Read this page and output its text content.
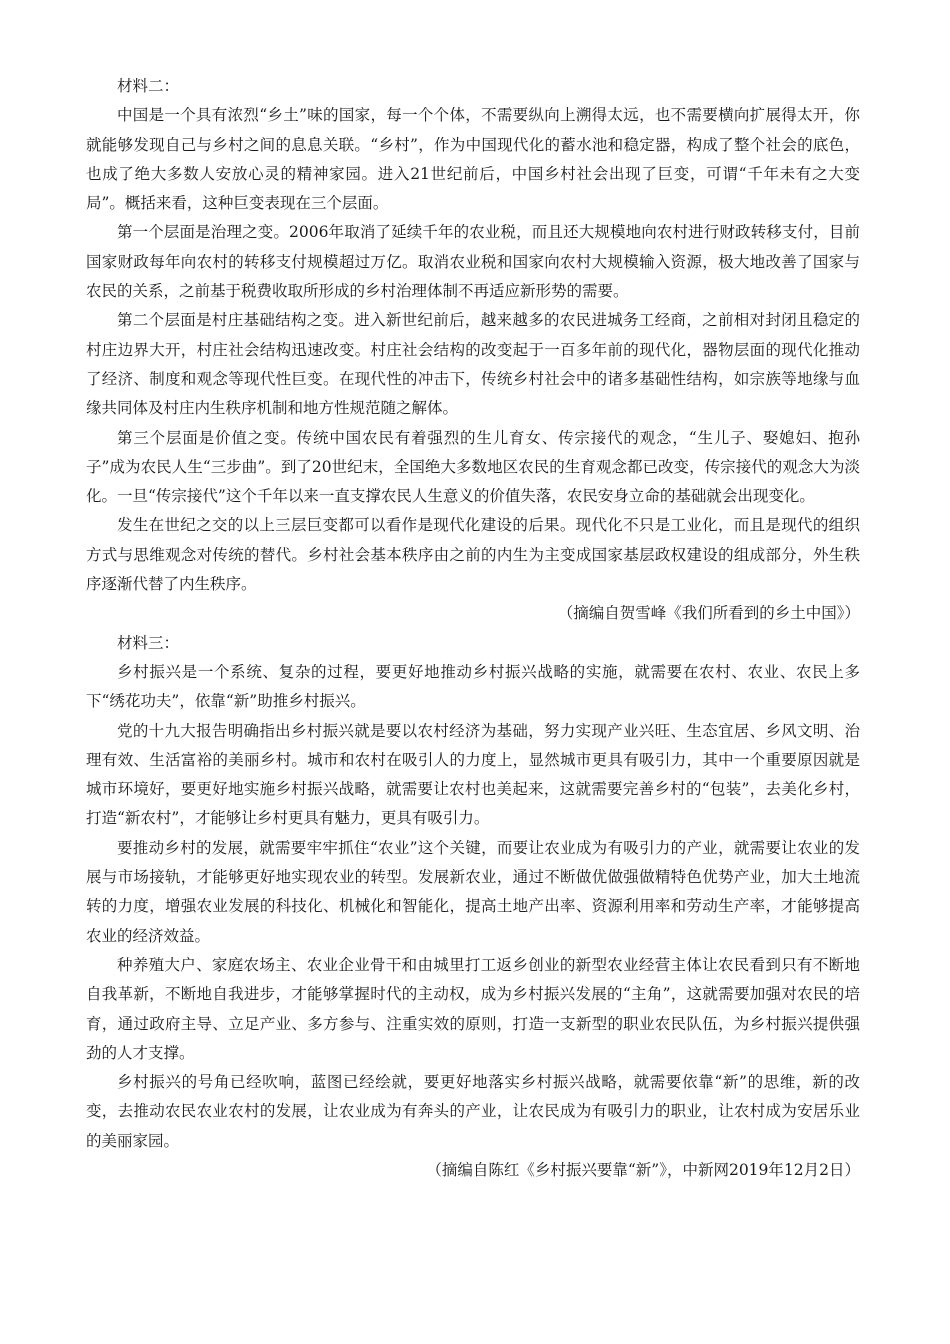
材料二：

中国是一个具有浓烈“乡土”味的国家，每一个个体，不需要纵向上溯得太远，也不需要横向扩展得太开，你就能够发现自己与乡村之间的息息关联。“乡村”，作为中国现代化的蓄水池和稳定器，构成了整个社会的底色，也成了绝大多数人安放心灵的精神家园。进入21世纪前后，中国乡村社会出现了巨变，可谓“千年未有之大变局”。概括来看，这种巨变表现在三个层面。

第一个层面是治理之变。2006年取消了延续千年的农业税，而且还大规模地向农村进行财政转移支付，目前国家财政每年向农村的转移支付规模超过万亿。取消农业税和国家向农村大规模输入资源，极大地改善了国家与农民的关系，之前基于税费收取所形成的乡村治理体制不再适应新形势的需要。

第二个层面是村庄基础结构之变。进入新世纪前后，越来越多的农民进城务工经商，之前相对封闭且稳定的村庄边界大开，村庄社会结构迅速改变。村庄社会结构的改变起于一百多年前的现代化，器物层面的现代化推动了经济、制度和观念等现代性巨变。在现代性的冲击下，传统乡村社会中的诸多基础性结构，如宗族等地缘与血缘共同体及村庄内生秩序机制和地方性规范随之解体。

第三个层面是价值之变。传统中国农民有着强烈的生儿育女、传宗接代的观念，“生儿子、娶媳妇、抱孙子”成为农民人生“三步曲”。到了20世纪末，全国绝大多数地区农民的生育观念都已改变，传宗接代的观念大为淡化。一旦“传宗接代”这个千年以来一直支撑农民人生意义的价值失落，农民安身立命的基础就会出现变化。

发生在世纪之交的以上三层巨变都可以看作是现代化建设的后果。现代化不只是工业化，而且是现代的组织方式与思维观念对传统的替代。乡村社会基本秩序由之前的内生为主变成国家基层政权建设的组成部分，外生秩序逐渐代替了内生秩序。

（摘编自贺雪峰《我们所看到的乡土中国》）

材料三：

乡村振兴是一个系统、复杂的过程，要更好地推动乡村振兴战略的实施，就需要在农村、农业、农民上多下“绣花功夫”，依靠“新”助推乡村振兴。

党的十九大报告明确指出乡村振兴就是要以农村经济为基础，努力实现产业兴旺、生态宜居、乡风文明、治理有效、生活富裕的美丽乡村。城市和农村在吸引人的力度上，显然城市更具有吸引力，其中一个重要原因就是城市环境好，要更好地实施乡村振兴战略，就需要让农村也美起来，这就需要完善乡村的“包装”，去美化乡村，打造“新农村”，才能够让乡村更具有魅力，更具有吸引力。

要推动乡村的发展，就需要牢牢抓住“农业”这个关键，而要让农业成为有吸引力的产业，就需要让农业的发展与市场接轨，才能够更好地实现农业的转型。发展新农业，通过不断做优做强做精特色优势产业，加大土地流转的力度，增强农业发展的科技化、机械化和智能化，提高土地产出率、资源利用率和劳动生产率，才能够提高农业的经济效益。

种养殖大户、家庭农场主、农业企业骨干和由城里打工返乡创业的新型农业经营主体让农民看到只有不断地自我革新，不断地自我进步，才能够掌握时代的主动权，成为乡村振兴发展的“主角”，这就需要加强对农民的培育，通过政府主导、立足产业、多方参与、注重实效的原则，打造一支新型的职业农民队伍，为乡村振兴提供强劲的人才支撑。

乡村振兴的号角已经吹响，蓝图已经绘就，要更好地落实乡村振兴战略，就需要依靠“新”的思维，新的改变，去推动农民农业农村的发展，让农业成为有奔头的产业，让农民成为有吸引力的职业，让农村成为安居乐业的美丽家园。

（摘编自陈红《乡村振兴要靠“新”》，中新网2019年12月2日）
